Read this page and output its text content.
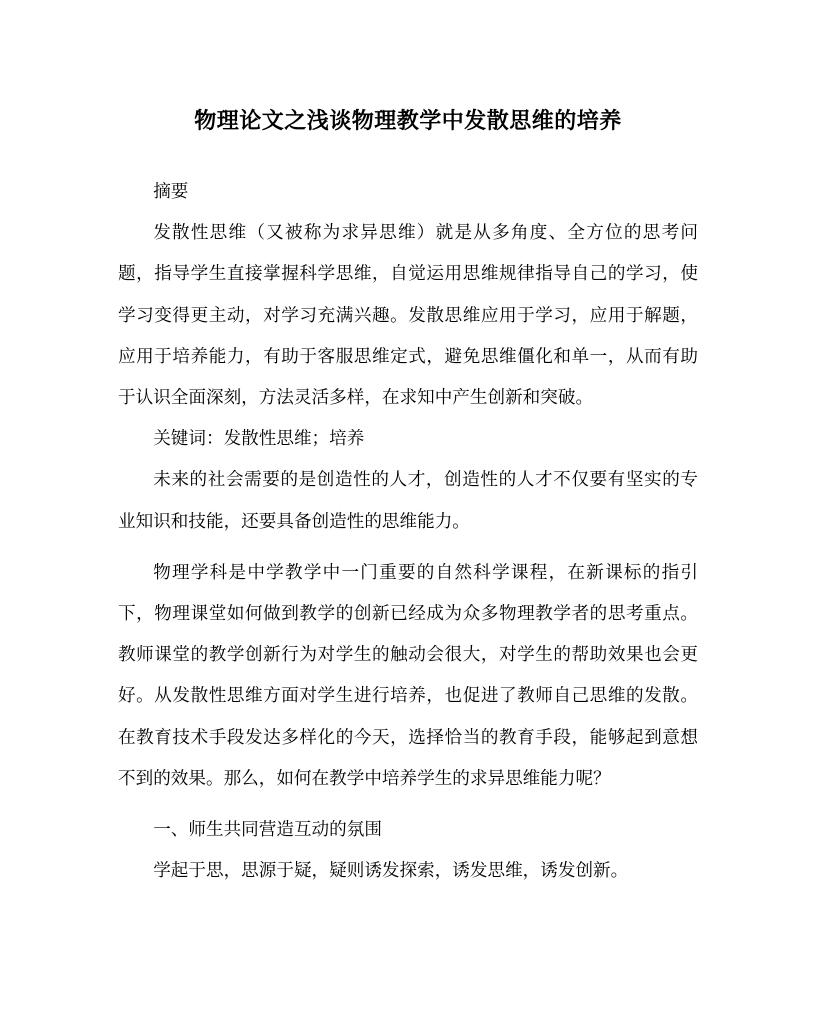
物理论文之浅谈物理教学中发散思维的培养

摘要

发散性思维（又被称为求异思维）就是从多角度、全方位的思考问题，指导学生直接掌握科学思维，自觉运用思维规律指导自己的学习，使学习变得更主动，对学习充满兴趣。发散思维应用于学习，应用于解题，应用于培养能力，有助于客服思维定式，避免思维僵化和单一，从而有助于认识全面深刻，方法灵活多样，在求知中产生创新和突破。

关键词：发散性思维；培养

未来的社会需要的是创造性的人才，创造性的人才不仅要有坚实的专业知识和技能，还要具备创造性的思维能力。

物理学科是中学教学中一门重要的自然科学课程，在新课标的指引下，物理课堂如何做到教学的创新已经成为众多物理教学者的思考重点。教师课堂的教学创新行为对学生的触动会很大，对学生的帮助效果也会更好。从发散性思维方面对学生进行培养，也促进了教师自己思维的发散。在教育技术手段发达多样化的今天，选择恰当的教育手段，能够起到意想不到的效果。那么，如何在教学中培养学生的求异思维能力呢？

一、师生共同营造互动的氛围

学起于思，思源于疑，疑则诱发探索，诱发思维，诱发创新。
